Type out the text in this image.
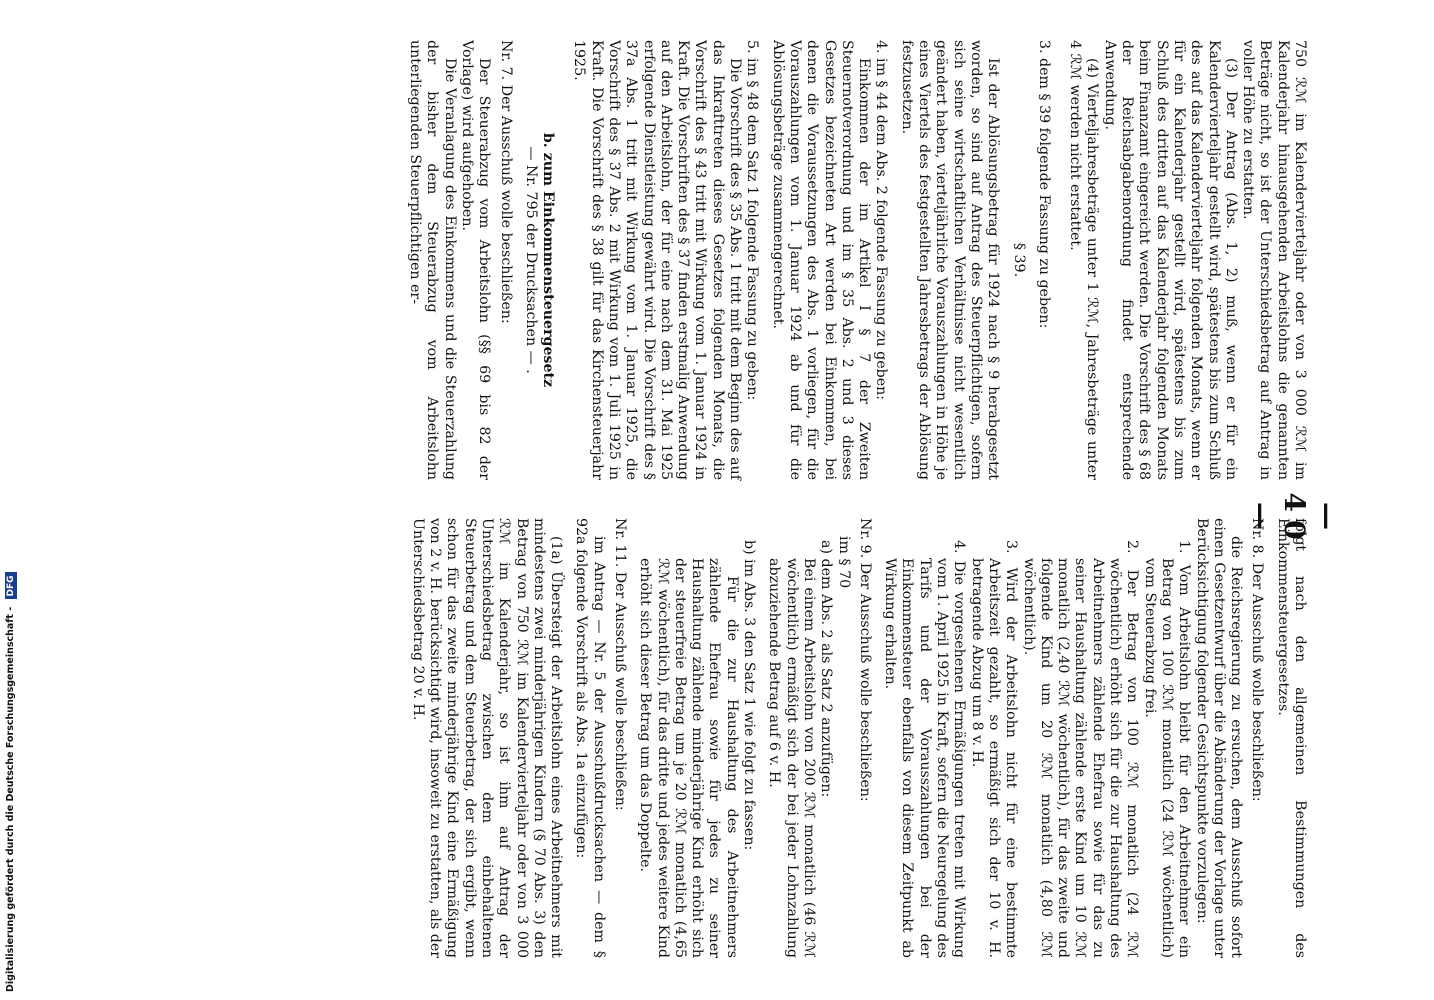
— 40 —

750 ℛℳ im Kalendervierteljahr oder von 3 000 ℛℳ im Kalenderjahr hinausgehenden Arbeitslohns die genannten Beträge nicht, so ist der Unterschiedsbetrag auf Antrag in voller Höhe zu erstatten.

(3) Der Antrag (Abs. 1, 2) muß, wenn er für ein Kalendervierteljahr gestellt wird, spätestens bis zum Schluß des auf das Kalendervierteljahr folgenden Monats, wenn er für ein Kalenderjahr gestellt wird, spätestens bis zum Schluß des dritten auf das Kalenderjahr folgenden Monats beim Finanzamt eingereicht werden. Die Vorschrift des § 68 der Reichsabgabenordnung findet entsprechende Anwendung.

(4) Vierteljahresbeträge unter 1 ℛℳ, Jahresbeträge unter 4 ℛℳ werden nicht erstattet.

3. dem § 39 folgende Fassung zu geben:

§ 39.

Ist der Ablösungsbetrag für 1924 nach § 9 herabgesetzt worden, so sind auf Antrag des Steuerpflichtigen, sofern sich seine wirtschaftlichen Verhältnisse nicht wesentlich geändert haben, vierteljährliche Vorauszahlungen in Höhe je eines Viertels des festgestellten Jahresbetrags der Ablösung festzusetzen.

4. im § 44 dem Abs. 2 folgende Fassung zu geben:

Einkommen der im Artikel I § 7 der Zweiten Steuernotverordnung und im § 35 Abs. 2 und 3 dieses Gesetzes bezeichneten Art werden bei Einkommen, bei denen die Voraussetzungen des Abs. 1 vorliegen, für die Vorauszahlungen vom 1. Januar 1924 ab und für die Ablösungsbeträge zusammengerechnet.

5. im § 48 dem Satz 1 folgende Fassung zu geben:

Die Vorschrift des § 35 Abs. 1 tritt mit dem Beginn des auf das Inkrafttreten dieses Gesetzes folgenden Monats, die Vorschrift des § 43 tritt mit Wirkung vom 1. Januar 1924 in Kraft. Die Vorschriften des § 37 finden erstmalig Anwendung auf den Arbeitslohn, der für eine nach dem 31. Mai 1925 erfolgende Dienstleistung gewährt wird. Die Vorschrift des § 37a Abs. 1 tritt mit Wirkung vom 1. Januar 1925, die Vorschrift des § 37 Abs. 2 mit Wirkung vom 1. Juli 1925 in Kraft. Die Vorschrift des § 38 gilt für das Kirchensteuerjahr 1925.

b. zum Einkommensteuergesetz

— Nr. 795 der Drucksachen — .

Nr. 7. Der Ausschuß wolle beschließen:

Der Steuerabzug vom Arbeitslohn (§§ 69 bis 82 der Vorlage) wird aufgehoben.

Die Veranlagung des Einkommens und die Steuerzahlung der bisher dem Steuerabzug vom Arbeitslohn unterliegenden Steuerpflichtigen er-

folgt nach den allgemeinen Bestimmungen des Einkommensteuergesetzes.

Nr. 8. Der Ausschuß wolle beschließen:

die Reichsregierung zu ersuchen, dem Ausschuß sofort einen Gesetzentwurf über die Abänderung der Vorlage unter Berücksichtigung folgender Gesichtspunkte vorzulegen:

1. Vom Arbeitslohn bleibt für den Arbeitnehmer ein Betrag von 100 ℛℳ monatlich (24 ℛℳ wöchentlich) vom Steuerabzug frei.

2. Der Betrag von 100 ℛℳ monatlich (24 ℛℳ wöchentlich) erhöht sich für die zur Haushaltung des Arbeitnehmers zählende Ehefrau sowie für das zu seiner Haushaltung zählende erste Kind um 10 ℛℳ monatlich (2,40 ℛℳ wöchentlich), für das zweite und folgende Kind um 20 ℛℳ monatlich (4,80 ℛℳ wöchentlich).

3. Wird der Arbeitslohn nicht für eine bestimmte Arbeitszeit gezahlt, so ermäßigt sich der 10 v. H. betragende Abzug um 8 v. H.

4. Die vorgesehenen Ermäßigungen treten mit Wirkung vom 1. April 1925 in Kraft, sofern die Neuregelung des Tarifs und der Vorausszahlungen bei der Einkommensteuer ebenfalls von diesem Zeitpunkt ab Wirkung erhalten.

Nr. 9. Der Ausschuß wolle beschließen:

im § 70

a) dem Abs. 2 als Satz 2 anzufügen:

Bei einem Arbeitslohn von 200 ℛℳ monatlich (46 ℛℳ wöchentlich) ermäßigt sich der bei jeder Lohnzahlung abzuziehende Betrag auf 6 v. H.

b) im Abs. 3 den Satz 1 wie folgt zu fassen:

Für die zur Haushaltung des Arbeitnehmers zählende Ehefrau sowie für jedes zu seiner Haushaltung zählende minderjährige Kind erhöht sich der steuerfreie Betrag um je 20 ℛℳ monatlich (4,65 ℛℳ wöchentlich), für das dritte und jedes weitere Kind erhöht sich dieser Betrag um das Doppelte.

Nr. 11. Der Ausschuß wolle beschließen:

im Antrag — Nr. 5 der Ausschußdrucksachen — dem § 92a folgende Vorschrift als Abs. 1a einzufügen:

(1a) Übersteigt der Arbeitslohn eines Arbeitnehmers mit mindestens zwei minderjährigen Kindern (§ 70 Abs. 3) den Betrag von 750 ℛℳ im Kalendervierteljahr oder von 3 000 ℛℳ im Kalenderjahr, so ist ihm auf Antrag der Unterschiedsbetrag zwischen dem einbehaltenen Steuerbetrag und dem Steuerbetrag, der sich ergibt, wenn schon für das zweite minderjährige Kind eine Ermäßigung von 2 v. H. berücksichtigt wird, insoweit zu erstatten, als der Unterschiedsbetrag 20 v. H.

Digitalisierung gefördert durch die Deutsche Forschungsgemeinschaft - DFG
